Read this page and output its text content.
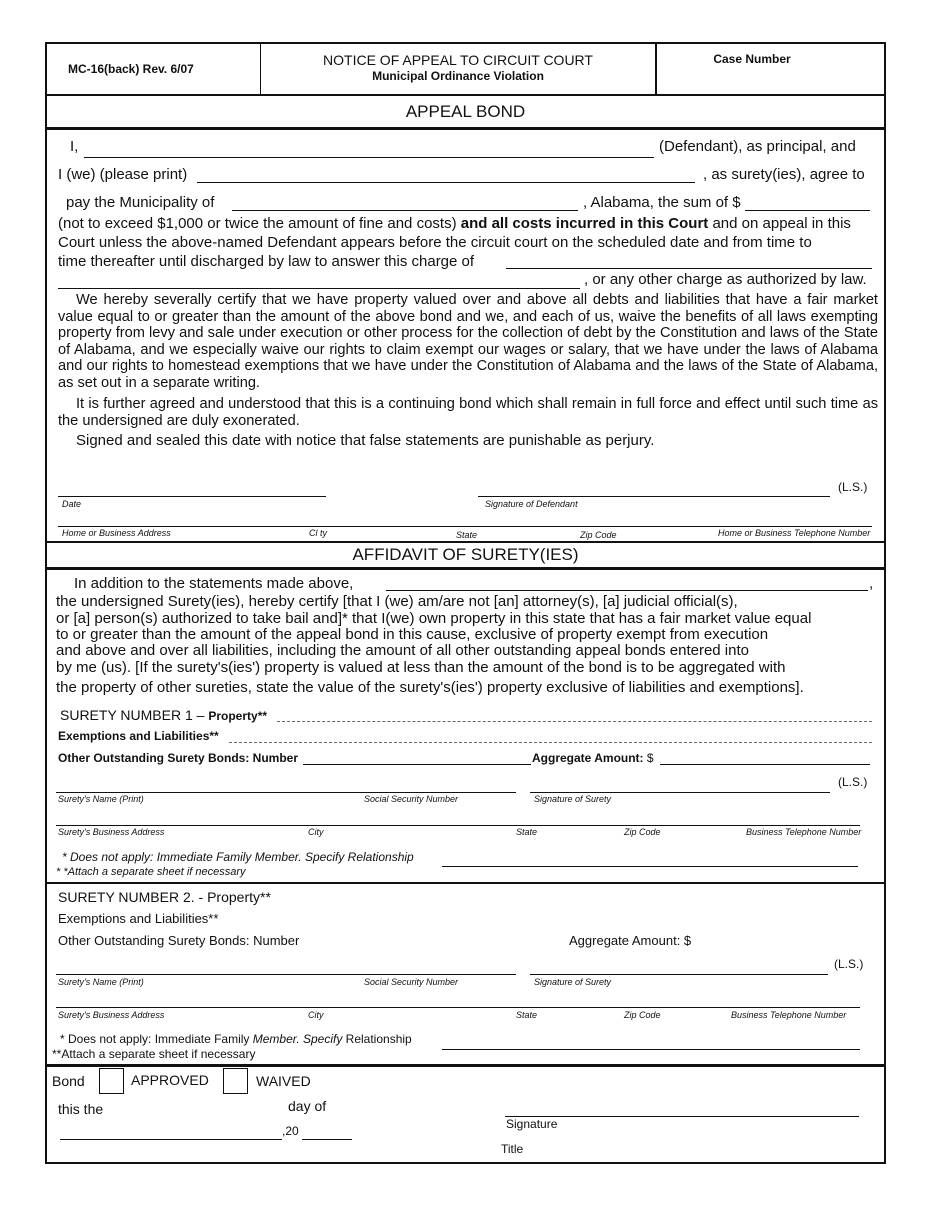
MC-16(back) Rev. 6/07
NOTICE OF APPEAL TO CIRCUIT COURT
Municipal Ordinance Violation
Case Number
APPEAL BOND
I,	(Defendant), as principal, and
I (we) (please print)	, as surety(ies), agree to
pay the Municipality of	, Alabama, the sum of $
(not to exceed $1,000 or twice the amount of fine and costs) and all costs incurred in this Court and on appeal in this
Court unless the above-named Defendant appears before the circuit court on the scheduled date and from time to
time thereafter until discharged by law to answer this charge of
, or any other charge as authorized by law.
We hereby severally certify that we have property valued over and above all debts and liabilities that have a fair market value equal to or greater than the amount of the above bond and we, and each of us, waive the benefits of all laws exempting property from levy and sale under execution or other process for the collection of debt by the Constitution and laws of the State of Alabama, and we especially waive our rights to claim exempt our wages or salary, that we have under the laws of Alabama and our rights to homestead exemptions that we have under the Constitution of Alabama and the laws of the State of Alabama, as set out in a separate writing.
It is further agreed and understood that this is a continuing bond which shall remain in full force and effect until such time as the undersigned are duly exonerated.
Signed and sealed this date with notice that false statements are punishable as perjury.
Date	Signature of Defendant
(L.S.)
Home or Business Address	Cl ty	State	Zip Code	Home or Business Telephone Number
AFFIDAVIT OF SURETY(IES)
In addition to the statements made above,	,
the undersigned Surety(ies), hereby certify [that I (we) am/are not [an] attorney(s), [a] judicial official(s),
or [a] person(s) authorized to take bail and]* that I(we) own property in this state that has a fair market value equal
to or greater than the amount of the appeal bond in this cause, exclusive of property exempt from execution
and above and over all liabilities, including the amount of all other outstanding appeal bonds entered into
by me (us). [If the surety's(ies') property is valued at less than the amount of the bond is to be aggregated with
the property of other sureties, state the value of the surety's(ies') property exclusive of liabilities and exemptions].
SURETY NUMBER 1 – Property**
Exemptions and Liabilities**
Other Outstanding Surety Bonds: Number	Aggregate Amount: $
(L.S.)
Surety's Name (Print)	Social Security Number	Signature of Surety
Surety's Business Address	City	State	Zip Code	Business Telephone Number
* Does not apply: Immediate Family Member. Specify Relationship
* *Attach a separate sheet if necessary
SURETY NUMBER 2. - Property**
Exemptions and Liabilities**
Other Outstanding Surety Bonds: Number	Aggregate Amount: $
(L.S.)
Surety's Name (Print)	Social Security Number	Signature of Surety
Surety's Business Address	City	State	Zip Code	Business Telephone Number
* Does not apply: Immediate Family Member. Specify Relationship
**Attach a separate sheet if necessary
Bond	APPROVED	WAIVED
this the	day of
,20	Signature
Title
